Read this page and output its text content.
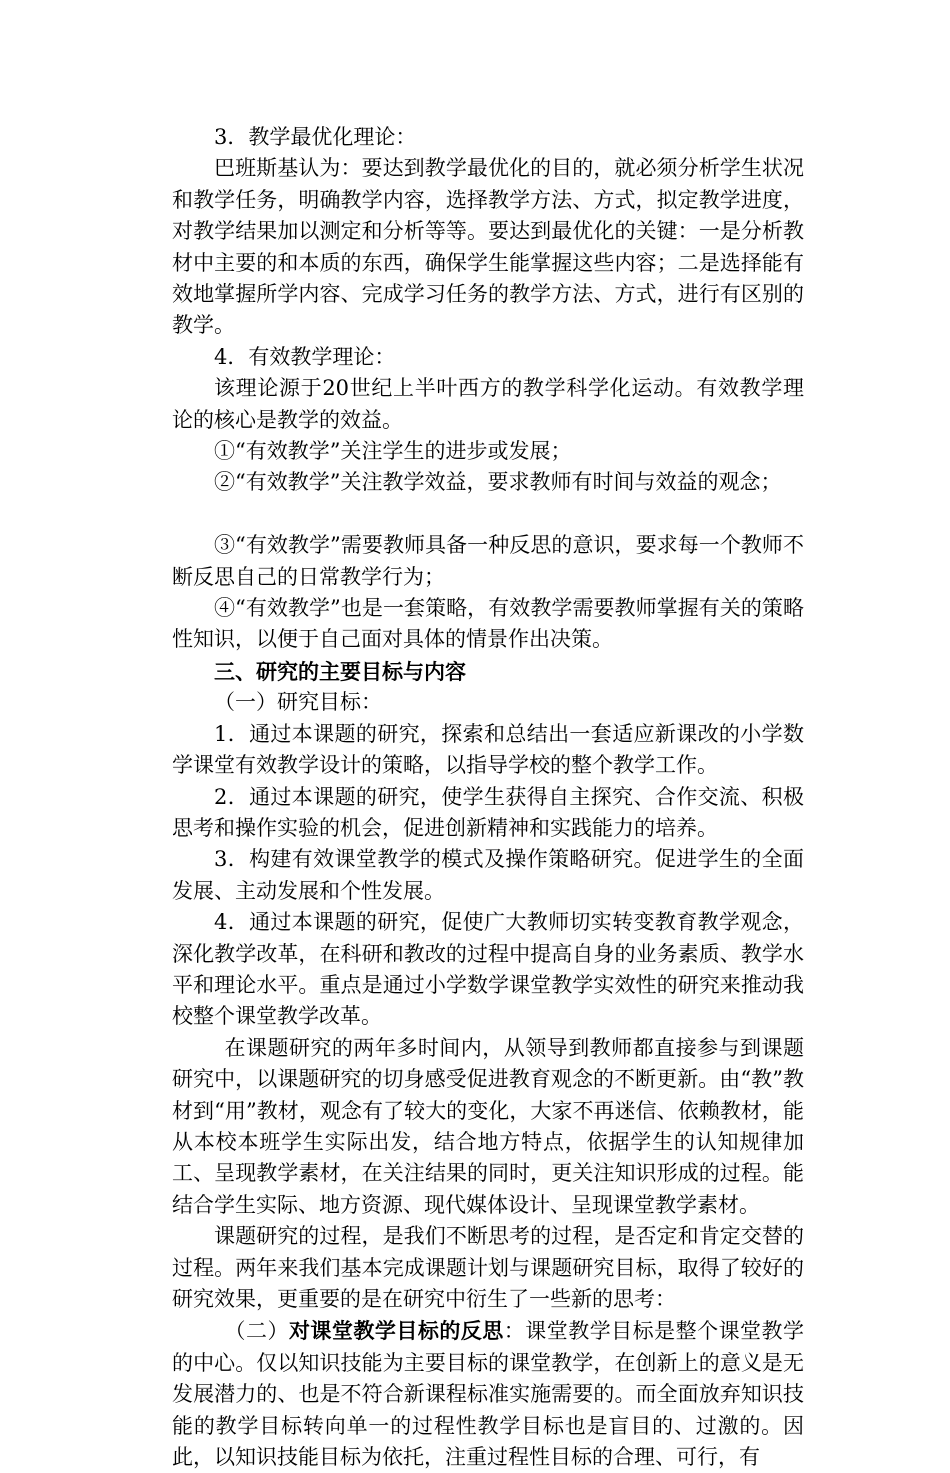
3．教学最优化理论：

巴班斯基认为：要达到教学最优化的目的，就必须分析学生状况和教学任务，明确教学内容，选择教学方法、方式，拟定教学进度，对教学结果加以测定和分析等等。要达到最优化的关键：一是分析教材中主要的和本质的东西，确保学生能掌握这些内容；二是选择能有效地掌握所学内容、完成学习任务的教学方法、方式，进行有区别的教学。

4．有效教学理论：

该理论源于20世纪上半叶西方的教学科学化运动。有效教学理论的核心是教学的效益。

①“有效教学”关注学生的进步或发展；

②“有效教学”关注教学效益，要求教师有时间与效益的观念；

③“有效教学”需要教师具备一种反思的意识，要求每一个教师不断反思自己的日常教学行为；

④“有效教学”也是一套策略，有效教学需要教师掌握有关的策略性知识，以便于自己面对具体的情景作出决策。

三、研究的主要目标与内容

（一）研究目标：

1．通过本课题的研究，探索和总结出一套适应新课改的小学数学课堂有效教学设计的策略，以指导学校的整个教学工作。

2．通过本课题的研究，使学生获得自主探究、合作交流、积极思考和操作实验的机会，促进创新精神和实践能力的培养。

3．构建有效课堂教学的模式及操作策略研究。促进学生的全面发展、主动发展和个性发展。

4．通过本课题的研究，促使广大教师切实转变教育教学观念，深化教学改革，在科研和教改的过程中提高自身的业务素质、教学水平和理论水平。重点是通过小学数学课堂教学实效性的研究来推动我校整个课堂教学改革。

在课题研究的两年多时间内，从领导到教师都直接参与到课题研究中，以课题研究的切身感受促进教育观念的不断更新。由“教”教材到“用”教材，观念有了较大的变化，大家不再迷信、依赖教材，能从本校本班学生实际出发，结合地方特点，依据学生的认知规律加工、呈现教学素材，在关注结果的同时，更关注知识形成的过程。能结合学生实际、地方资源、现代媒体设计、呈现课堂教学素材。

课题研究的过程，是我们不断思考的过程，是否定和肯定交替的过程。两年来我们基本完成课题计划与课题研究目标，取得了较好的研究效果，更重要的是在研究中衍生了一些新的思考：

（二）对课堂教学目标的反思：课堂教学目标是整个课堂教学的中心。仅以知识技能为主要目标的课堂教学，在创新上的意义是无发展潜力的、也是不符合新课程标准实施需要的。而全面放弃知识技能的教学目标转向单一的过程性教学目标也是盲目的、过激的。因此，以知识技能目标为依托，注重过程性目标的合理、可行，有
